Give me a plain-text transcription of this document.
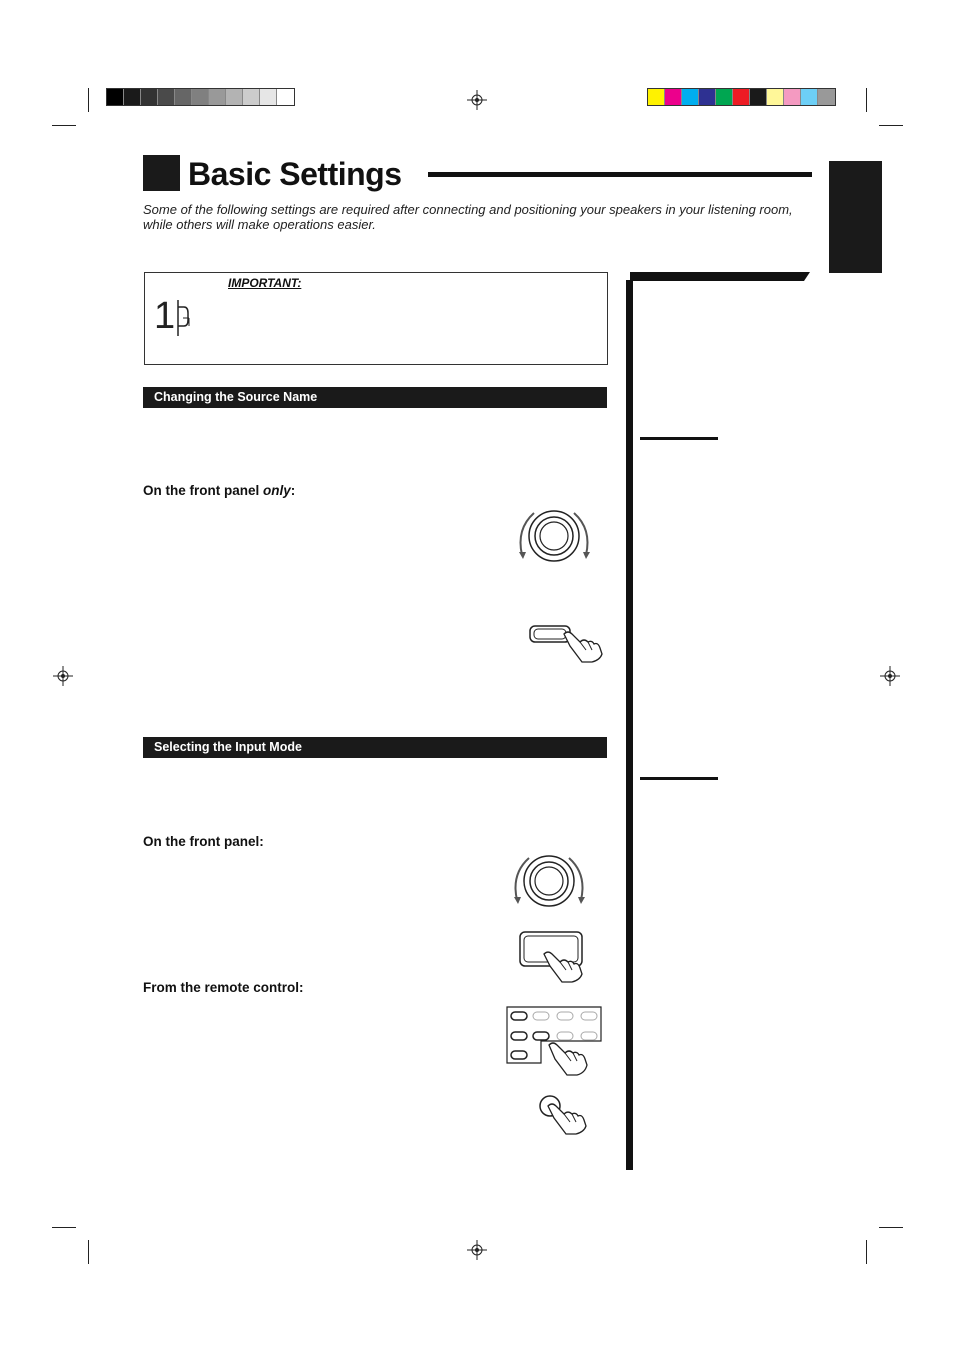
Basic Settings
Some of the following settings are required after connecting and positioning your speakers in your listening room, while others will make operations easier.
IMPORTANT:
1
Changing the Source Name
On the front panel only:
Selecting the Input Mode
On the front panel:
From the remote control:
